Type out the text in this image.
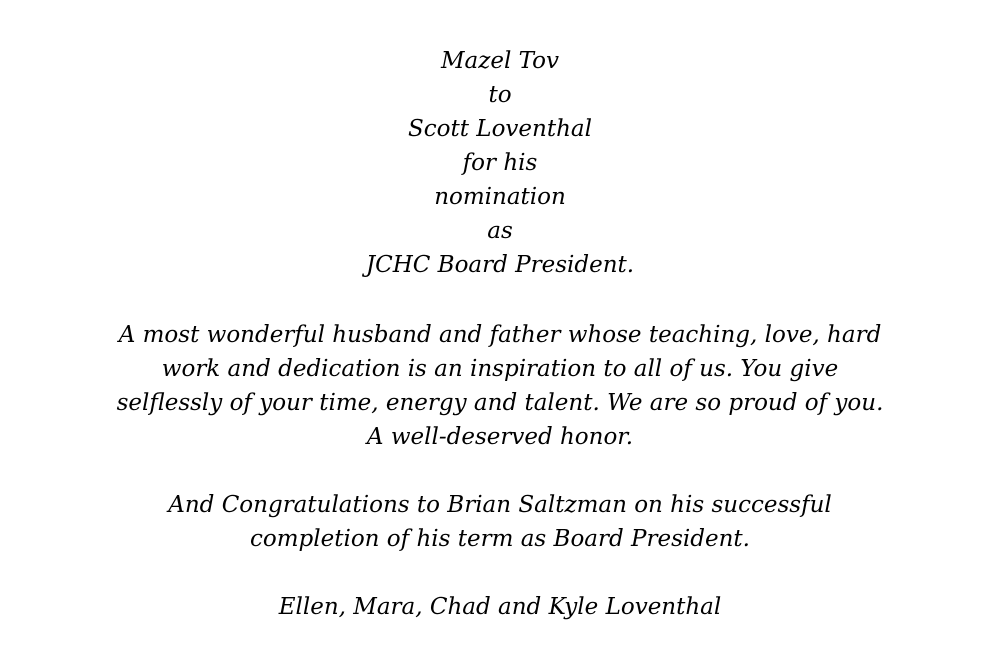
Mazel Tov
to
Scott Loventhal
for his
nomination
as
JCHC Board President.
A most wonderful husband and father whose teaching, love, hard
work and dedication is an inspiration to all of us. You give
selflessly of your time, energy and talent. We are so proud of you.
A well-deserved honor.
And Congratulations to Brian Saltzman on his successful
completion of his term as Board President.
Ellen, Mara, Chad and Kyle Loventhal
